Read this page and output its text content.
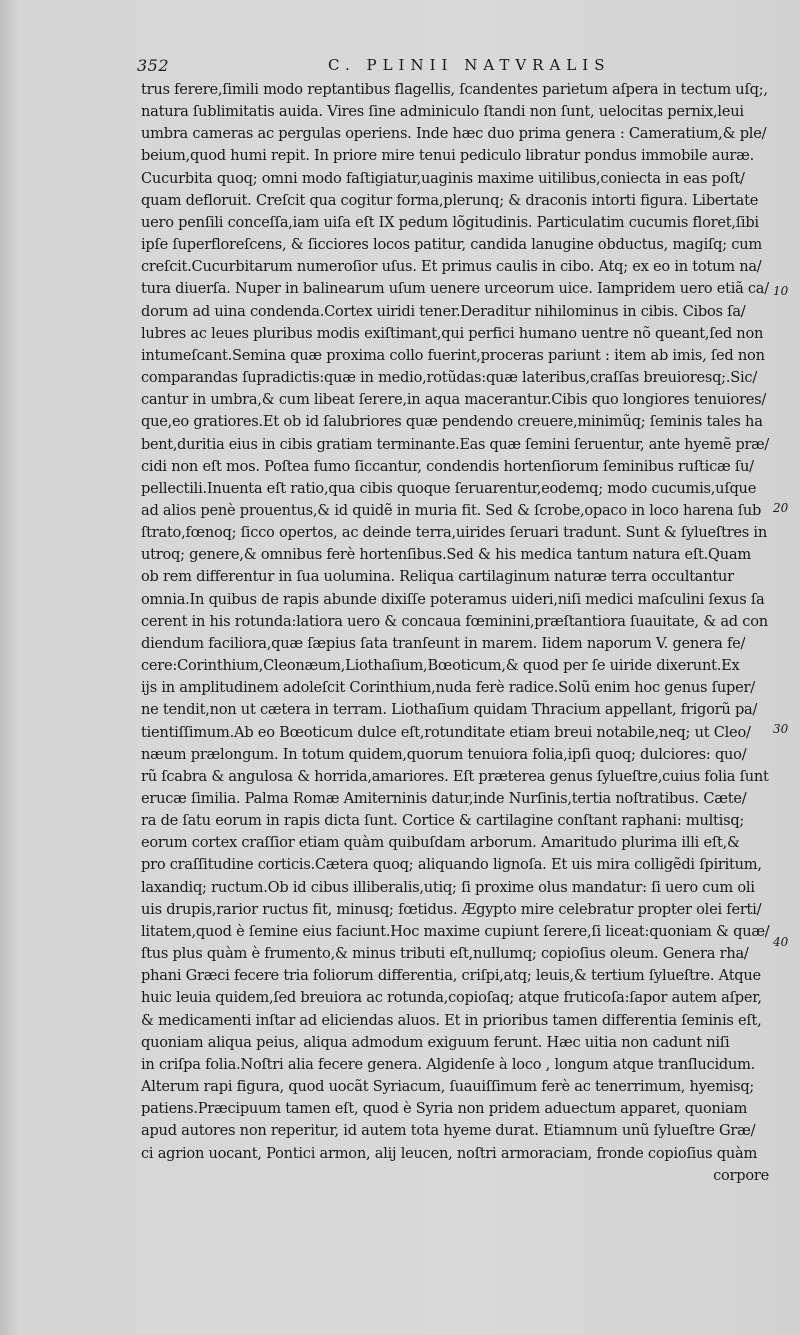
352	C. PLINII NATVRALIS
trus ferere,ſimili modo reptantibus flagellis, ſcandentes parietum aſpera in tectum uſq;,
natura ſublimitatis auida. Vires ſine adminiculo ſtandi non ſunt, uelocitas pernix,leui
umbra cameras ac pergulas operiens. Inde hæc duo prima genera : Cameratium,& ple/
beium,quod humi repit. In priore mire tenui pediculo libratur pondus immobile auræ.
Cucurbita quoq; omni modo faſtigiatur,uaginis maxime uitilibus,coniecta in eas poſt/
quam defloruit. Creſcit qua cogitur forma,plerunq; & draconis intorti figura. Libertate
uero penſili conceſſa,iam uiſa eſt IX pedum lõgitudinis. Particulatim cucumis floret,ſibi
ipſe ſuperfloreſcens, & ſicciores locos patitur, candida lanugine obductus, magiſq; cum
creſcit.Cucurbitarum numeroſior uſus. Et primus caulis in cibo. Atq; ex eo in totum na/
tura diuerſa. Nuper in balinearum uſum uenere urceorum uice. Iampridem uero etiã ca/
dorum ad uina condenda.Cortex uiridi tener.Deraditur nihilominus in cibis. Cibos ſa/
lubres ac leues pluribus modis exiſtimant,qui perfici humano uentre nõ queant,ſed non
intumeſcant.Semina quæ proxima collo fuerint,proceras pariunt : item ab imis, ſed non
comparandas ſupradictis:quæ in medio,rotũdas:quæ lateribus,craſſas breuioresq;.Sic/
cantur in umbra,& cum libeat ſerere,in aqua macerantur.Cibis quo longiores tenuiores/
que,eo gratiores.Et ob id ſalubriores quæ pendendo creuere,minimũq; ſeminis tales ha
bent,duritia eius in cibis gratiam terminante.Eas quæ ſemini ſeruentur, ante hyemẽ præ/
cidi non eſt mos. Poſtea fumo ſiccantur, condendis hortenſiorum ſeminibus ruſticæ ſu/
pellectili.Inuenta eſt ratio,qua cibis quoque ſeruarentur,eodemq; modo cucumis,uſque
ad alios penè prouentus,& id quidẽ in muria fit. Sed & ſcrobe,opaco in loco harena ſub
ſtrato,fœnoq; ſicco opertos, ac deinde terra,uirides ſeruari tradunt. Sunt & ſylueſtres in
utroq; genere,& omnibus ferè hortenſibus.Sed & his medica tantum natura eſt.Quam
ob rem differentur in ſua uolumina. Reliqua cartilaginum naturæ terra occultantur
omnia.In quibus de rapis abunde dixiſſe poteramus uideri,niſi medici maſculini ſexus ſa
cerent in his rotunda:latiora uero & concaua fœminini,præſtantiora ſuauitate, & ad con
diendum faciliora,quæ ſæpius ſata tranſeunt in marem. Iidem naporum V. genera fe/
cere:Corinthium,Cleonæum,Liothaſium,Bœoticum,& quod per ſe uiride dixerunt.Ex
ijs in amplitudinem adoleſcit Corinthium,nuda ferè radice.Solũ enim hoc genus ſuper/
ne tendit,non ut cætera in terram. Liothaſium quidam Thracium appellant, frigorũ pa/
tientiſſimum.Ab eo Bœoticum dulce eſt,rotunditate etiam breui notabile,neq; ut Cleo/
næum prælongum. In totum quidem,quorum tenuiora folia,ipſi quoq; dulciores: quo/
rũ ſcabra & angulosa & horrida,amariores. Eſt præterea genus ſylueſtre,cuius folia ſunt
erucæ ſimilia. Palma Romæ Amiterninis datur,inde Nurſinis,tertia noſtratibus. Cæte/
ra de ſatu eorum in rapis dicta ſunt. Cortice & cartilagine conſtant raphani: multisq;
eorum cortex craſſior etiam quàm quibuſdam arborum. Amaritudo plurima illi eſt,&
pro craſſitudine corticis.Cætera quoq; aliquando lignoſa. Et uis mira colligẽdi ſpiritum,
laxandiq; ructum.Ob id cibus illiberalis,utiq; ſi proxime olus mandatur: ſi uero cum oli
uis drupis,rarior ructus fit, minusq; fœtidus. Ægypto mire celebratur propter olei ferti/
litatem,quod è ſemine eius faciunt.Hoc maxime cupiunt ſerere,ſi liceat:quoniam & quæ/
ſtus plus quàm è frumento,& minus tributi eſt,nullumq; copioſius oleum. Genera rha/
phani Græci fecere tria foliorum differentia, criſpi,atq; leuis,& tertium ſylueſtre. Atque
huic leuia quidem,ſed breuiora ac rotunda,copioſaq; atque fruticoſa:ſapor autem aſper,
& medicamenti inſtar ad eliciendas aluos. Et in prioribus tamen differentia ſeminis eſt,
quoniam aliqua peius, aliqua admodum exiguum ferunt. Hæc uitia non cadunt niſi
in criſpa folia.Noſtri alia fecere genera. Algidenſe à loco , longum atque tranſlucidum.
Alterum rapi figura, quod uocãt Syriacum, ſuauiſſimum ferè ac tenerrimum, hyemisq;
patiens.Præcipuum tamen eſt, quod è Syria non pridem aduectum apparet, quoniam
apud autores non reperitur, id autem tota hyeme durat. Etiamnum unũ ſylueſtre Græ/
ci agrion uocant, Pontici armon, alij leucen, noſtri armoraciam, fronde copioſius quàm
corpore
10
20
30
40
